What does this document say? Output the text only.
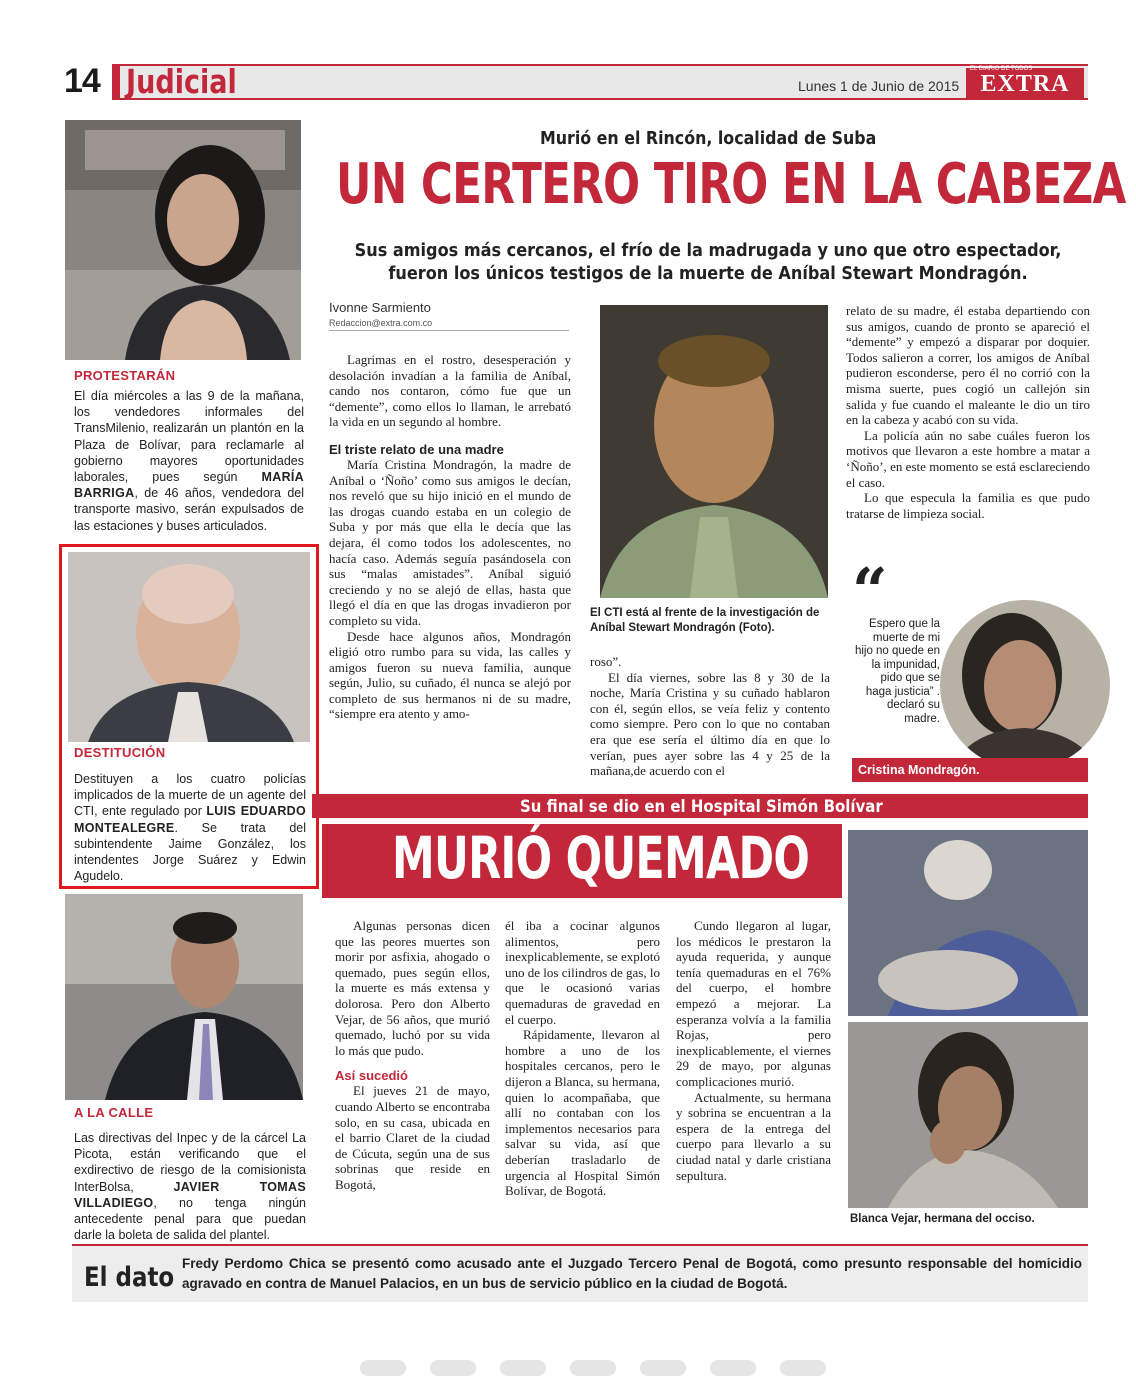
14 Judicial	Lunes 1 de Junio de 2015 EXTRA
EL DIARIO DE TODOS
PROTESTARÁN
El día miércoles a las 9 de la mañana, los vendedores informales del TransMilenio, realizarán un plantón en la Plaza de Bolívar, para reclamarle al gobierno mayores oportunidades laborales, pues según MARÍA BARRIGA, de 46 años, vendedora del transporte masivo, serán expulsados de las estaciones y buses articulados.
DESTITUCIÓN
Destituyen a los cuatro policías implicados de la muerte de un agente del CTI, ente regulado por LUIS EDUARDO MONTEALEGRE. Se trata del subintendente Jaime González, los intendentes Jorge Suárez y Edwin Agudelo.
A LA CALLE
Las directivas del Inpec y de la cárcel La Picota, están verificando que el exdirectivo de riesgo de la comisionista InterBolsa, JAVIER TOMAS VILLADIEGO, no tenga ningún antecedente penal para que puedan darle la boleta de salida del plantel.
Murió en el Rincón, localidad de Suba
UN CERTERO TIRO EN LA CABEZA
Sus amigos más cercanos, el frío de la madrugada y uno que otro espectador, fueron los únicos testigos de la muerte de Aníbal Stewart Mondragón.
Ivonne Sarmiento
Redaccion@extra.com.co

Lagrimas en el rostro, desesperación y desolación invadían a la familia de Aníbal, cando nos contaron, cómo fue que un “demente”, como ellos lo llaman, le arrebató la vida en un segundo al hombre.

El triste relato de una madre

María Cristina Mondragón, la madre de Aníbal o ‘Ñoño’ como sus amigos le decían, nos reveló que su hijo inició en el mundo de las drogas cuando estaba en un colegio de Suba y por más que ella le decía que las dejara, él como todos los adolescentes, no hacía caso. Además seguía pasándosela con sus “malas amistades”. Aníbal siguió creciendo y no se alejó de ellas, hasta que llegó el día en que las drogas invadieron por completo su vida.

Desde hace algunos años, Mondragón eligió otro rumbo para su vida, las calles y amigos fueron su nueva familia, aunque según, Julio, su cuñado, él nunca se alejó por completo de sus hermanos ni de su madre, “siempre era atento y amo-

El CTI está al frente de la investigación de Aníbal Stewart Mondragón (Foto).
roso”.

El día viernes, sobre las 8 y 30 de la noche, María Cristina y su cuñado hablaron con él, según ellos, se veía feliz y contento como siempre. Pero con lo que no contaban era que ese sería el último día en que lo verían, pues ayer sobre las 4 y 25 de la mañana,de acuerdo con el

relato de su madre, él estaba departiendo con sus amigos, cuando de pronto se apareció el “demente” y empezó a disparar por doquier. Todos salieron a correr, los amigos de Aníbal pudieron esconderse, pero él no corrió con la misma suerte, pues cogió un callejón sin salida y fue cuando el maleante le dio un tiro en la cabeza y acabó con su vida.

La policía aún no sabe cuáles fueron los motivos que llevaron a este hombre a matar a ‘Ñoño’, en este momento se está esclareciendo el caso.

Lo que especula la familia es que pudo tratarse de limpieza social.

“
Espero que la muerte de mi hijo no quede en la impunidad, pido que se haga justicia” . declaró su madre.
Cristina Mondragón.
Su final se dio en el Hospital Simón Bolívar
MURIÓ QUEMADO

Algunas personas dicen que las peores muertes son morir por asfixia, ahogado o quemado, pues según ellos, la muerte es más extensa y dolorosa. Pero don Alberto Vejar, de 56 años, que murió quemado, luchó por su vida lo más que pudo.

Así sucedió

El jueves 21 de mayo, cuando Alberto se encontraba solo, en su casa, ubicada en el barrio Claret de la ciudad de Cúcuta, según una de sus sobrinas que reside en Bogotá,

él iba a cocinar algunos alimentos, pero inexplicablemente, se explotó uno de los cilindros de gas, lo que le ocasionó varias quemaduras de gravedad en el cuerpo.

Rápidamente, llevaron al hombre a uno de los hospitales cercanos, pero le dijeron a Blanca, su hermana, quien lo acompañaba, que allí no contaban con los implementos necesarios para salvar su vida, así que deberían trasladarlo de urgencia al Hospital Simón Bolívar, de Bogotá.

Cundo llegaron al lugar, los médicos le prestaron la ayuda requerida, y aunque tenía quemaduras en el 76% del cuerpo, el hombre empezó a mejorar. La esperanza volvía a la familia Rojas, pero inexplicablemente, el viernes 29 de mayo, por algunas complicaciones murió.

Actualmente, su hermana y sobrina se encuentran a la espera de la entrega del cuerpo para llevarlo a su ciudad natal y darle cristiana sepultura.

Blanca Vejar, hermana del occiso.
El dato Fredy Perdomo Chica se presentó como acusado ante el Juzgado Tercero Penal de Bogotá, como presunto responsable del homicidio agravado en contra de Manuel Palacios, en un bus de servicio público en la ciudad de Bogotá.
